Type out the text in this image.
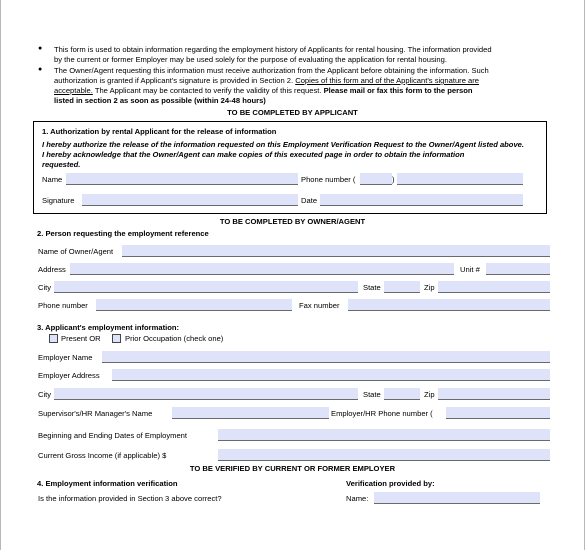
● This form is used to obtain information regarding the employment history of Applicants for rental housing. The information provided
by the current or former Employer may be used solely for the purpose of evaluating the application for rental housing.
● The Owner/Agent requesting this information must receive authorization from the Applicant before obtaining the information. Such
authorization is granted if Applicant's signature is provided in Section 2. Copies of this form and of the Applicant's signature are
acceptable. The Applicant may be contacted to verify the validity of this request. Please mail or fax this form to the person
listed in section 2 as soon as possible (within 24-48 hours)
TO BE COMPLETED BY APPLICANT
1. Authorization by rental Applicant for the release of information
I hereby authorize the release of the information requested on this Employment Verification Request to the Owner/Agent listed above.
I hereby acknowledge that the Owner/Agent can make copies of this executed page in order to obtain the information
requested.
Name	Phone number (	)
Signature	Date
TO BE COMPLETED BY OWNER/AGENT
2. Person requesting the employment reference
Name of Owner/Agent
Address	Unit #
City	State	Zip
Phone number	Fax number
3. Applicant's employment information:
Present OR	Prior Occupation (check one)
Employer Name
Employer Address
City	State	Zip
Supervisor's/HR Manager's Name	Employer/HR Phone number (
Beginning and Ending Dates of Employment
Current Gross Income (if applicable) $
TO BE VERIFIED BY CURRENT OR FORMER EMPLOYER
4. Employment information verification	Verification provided by:
Is the information provided in Section 3 above correct?	Name:
